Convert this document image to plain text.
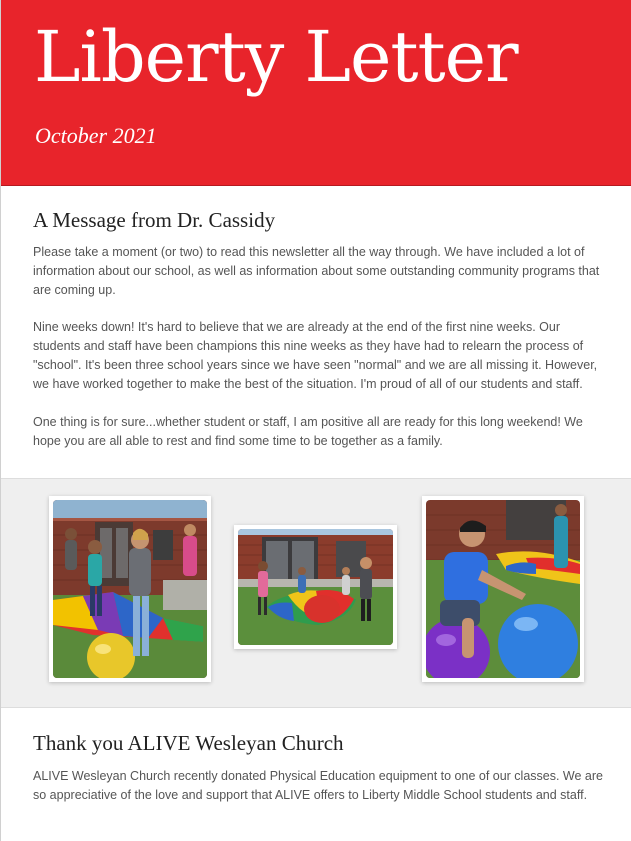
Liberty Letter

October 2021

A Message from Dr. Cassidy

Please take a moment (or two) to read this newsletter all the way through. We have included a lot of information about our school, as well as information about some outstanding community programs that are coming up.

Nine weeks down! It's hard to believe that we are already at the end of the first nine weeks. Our students and staff have been champions this nine weeks as they have had to relearn the process of "school". It's been three school years since we have seen "normal" and we are all missing it. However, we have worked together to make the best of the situation. I'm proud of all of our students and staff.

One thing is for sure...whether student or staff, I am positive all are ready for this long weekend! We hope you are all able to rest and find some time to be together as a family.

Thank you ALIVE Wesleyan Church

ALIVE Wesleyan Church recently donated Physical Education equipment to one of our classes. We are so appreciative of the love and support that ALIVE offers to Liberty Middle School students and staff.
